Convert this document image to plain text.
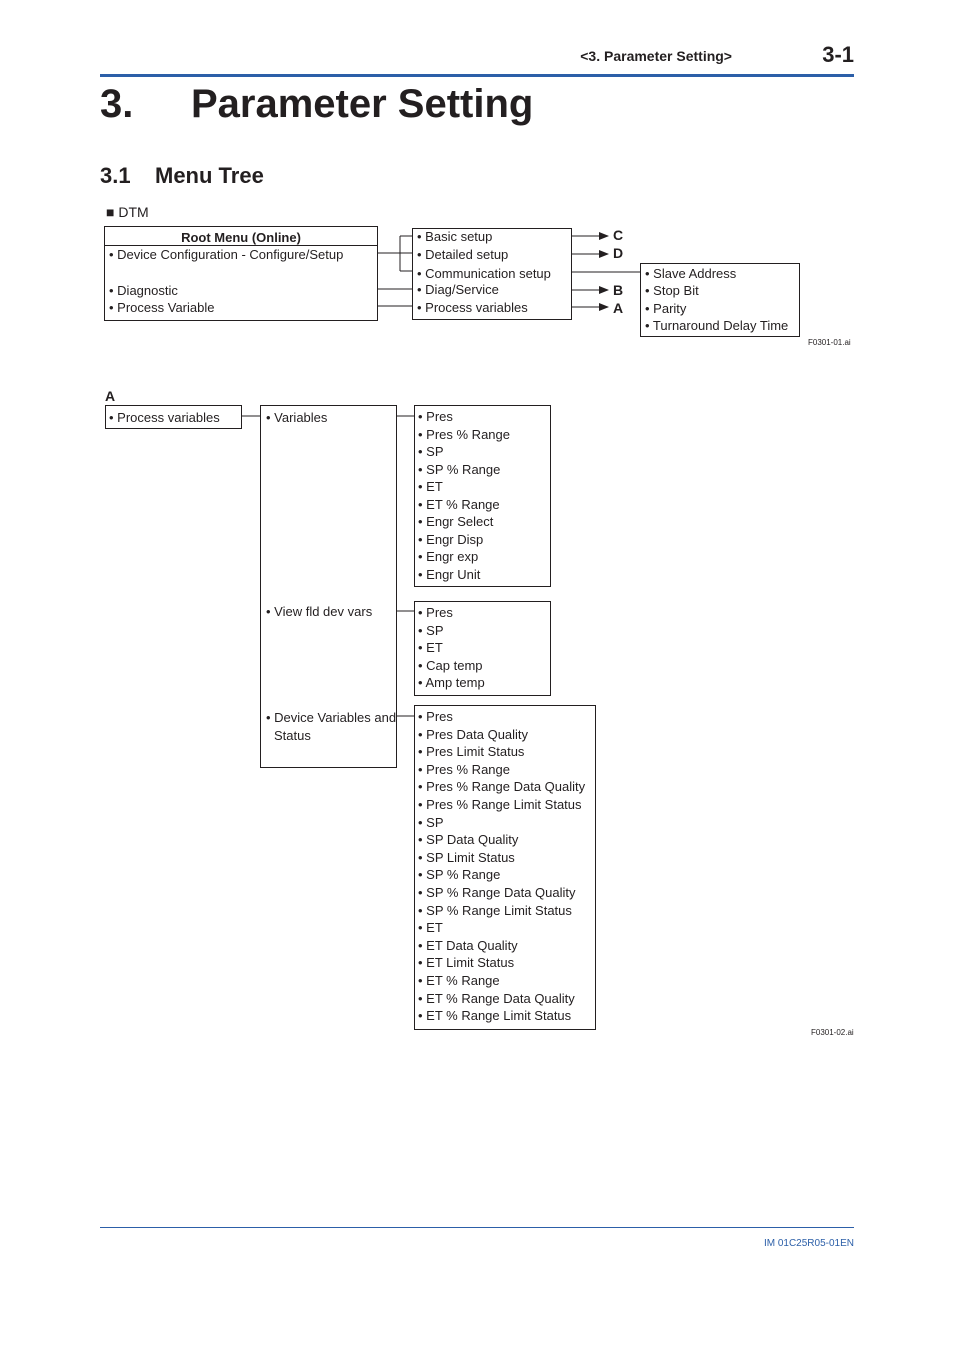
<3. Parameter Setting>	3-1
3. Parameter Setting
3.1 Menu Tree
■ DTM
Root Menu (Online)
• Device Configuration - Configure/Setup
• Diagnostic
• Process Variable
• Basic setup
• Detailed setup
• Communication setup
• Diag/Service
• Process variables
C
D
B
A
• Slave Address
• Stop Bit
• Parity
• Turnaround Delay Time
F0301-01.ai
A
• Process variables	• Variables
• View fld dev vars
• Device Variables and
Status
• Pres
• Pres % Range
• SP
• SP % Range
• ET
• ET % Range
• Engr Select
• Engr Disp
• Engr exp
• Engr Unit
• Pres
• SP
• ET
• Cap temp
• Amp temp
• Pres
• Pres Data Quality
• Pres Limit Status
• Pres % Range
• Pres % Range Data Quality
• Pres % Range Limit Status
• SP
• SP Data Quality
• SP Limit Status
• SP % Range
• SP % Range Data Quality
• SP % Range Limit Status
• ET
• ET Data Quality
• ET Limit Status
• ET % Range
• ET % Range Data Quality
• ET % Range Limit Status
F0301-02.ai
IM 01C25R05-01EN
